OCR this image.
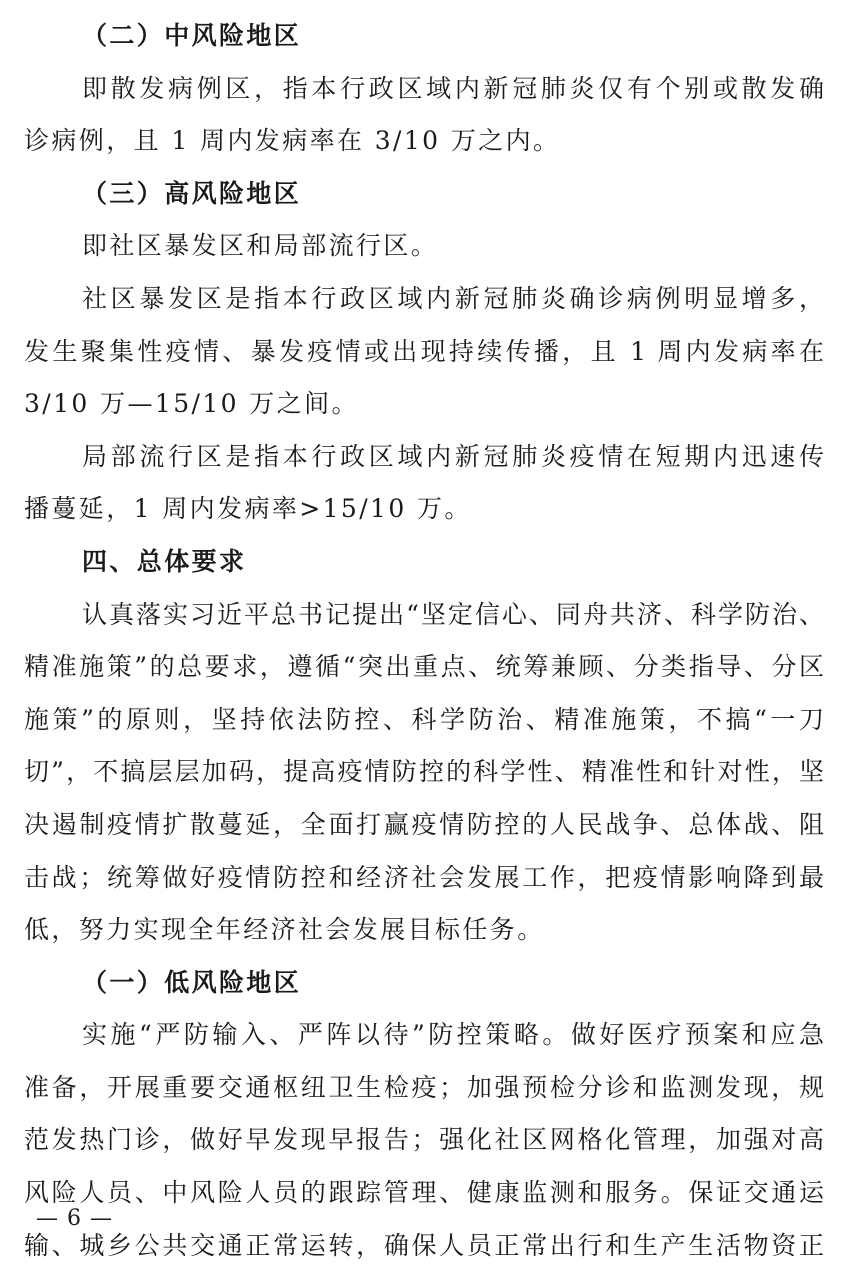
（二）中风险地区
即散发病例区，指本行政区域内新冠肺炎仅有个别或散发确
诊病例，且 1 周内发病率在 3/10 万之内。
（三）高风险地区
即社区暴发区和局部流行区。
社区暴发区是指本行政区域内新冠肺炎确诊病例明显增多，
发生聚集性疫情、暴发疫情或出现持续传播，且 1 周内发病率在
3/10 万—15/10 万之间。
局部流行区是指本行政区域内新冠肺炎疫情在短期内迅速传
播蔓延，1 周内发病率>15/10 万。
四、总体要求
认真落实习近平总书记提出“坚定信心、同舟共济、科学防治、
精准施策”的总要求，遵循“突出重点、统筹兼顾、分类指导、分区
施策”的原则，坚持依法防控、科学防治、精准施策，不搞“一刀
切”，不搞层层加码，提高疫情防控的科学性、精准性和针对性，坚
决遏制疫情扩散蔓延，全面打赢疫情防控的人民战争、总体战、阻
击战；统筹做好疫情防控和经济社会发展工作，把疫情影响降到最
低，努力实现全年经济社会发展目标任务。
（一）低风险地区
实施“严防输入、严阵以待”防控策略。做好医疗预案和应急
准备，开展重要交通枢纽卫生检疫；加强预检分诊和监测发现，规
范发热门诊，做好早发现早报告；强化社区网格化管理，加强对高
风险人员、中风险人员的跟踪管理、健康监测和服务。保证交通运
输、城乡公共交通正常运转，确保人员正常出行和生产生活物资正
— 6 —
